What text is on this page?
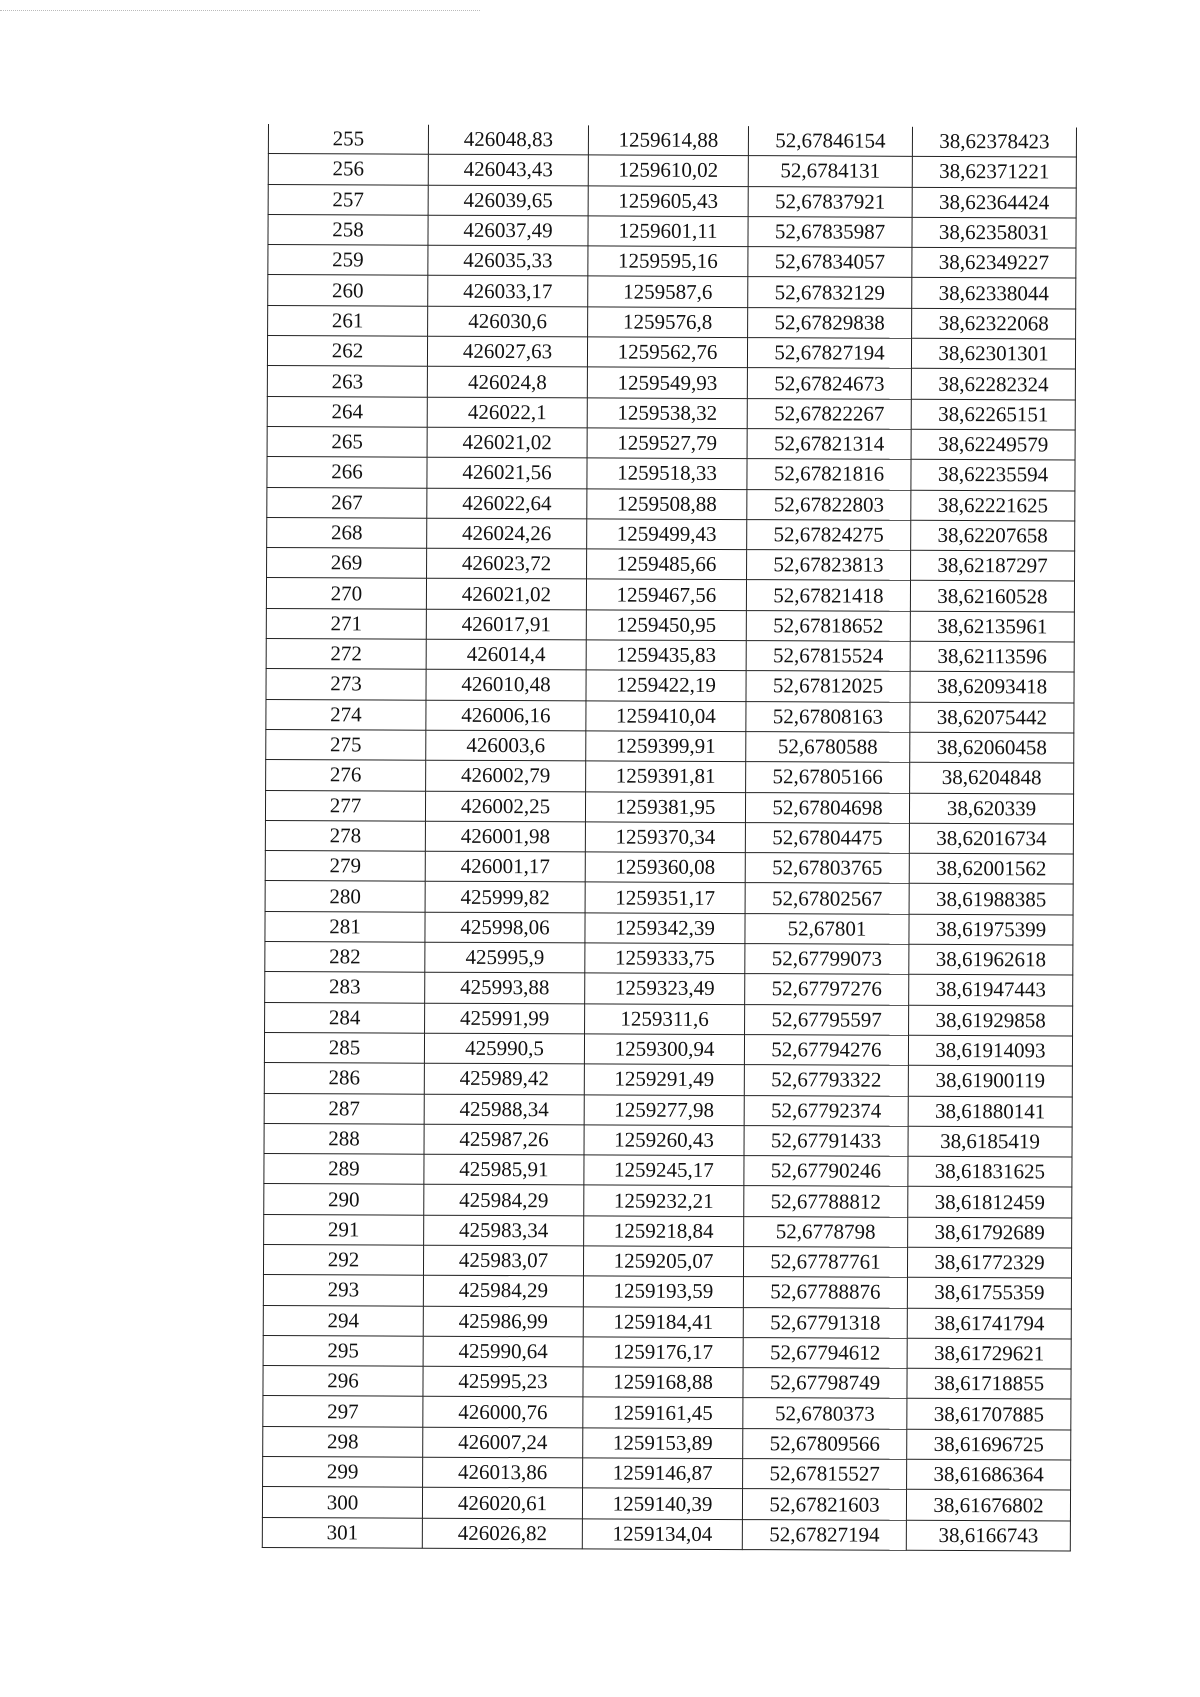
255	426048,83	1259614,88	52,67846154	38,62378423
256	426043,43	1259610,02	52,6784131	38,62371221
257	426039,65	1259605,43	52,67837921	38,62364424
258	426037,49	1259601,11	52,67835987	38,62358031
259	426035,33	1259595,16	52,67834057	38,62349227
260	426033,17	1259587,6	52,67832129	38,62338044
261	426030,6	1259576,8	52,67829838	38,62322068
262	426027,63	1259562,76	52,67827194	38,62301301
263	426024,8	1259549,93	52,67824673	38,62282324
264	426022,1	1259538,32	52,67822267	38,62265151
265	426021,02	1259527,79	52,67821314	38,62249579
266	426021,56	1259518,33	52,67821816	38,62235594
267	426022,64	1259508,88	52,67822803	38,62221625
268	426024,26	1259499,43	52,67824275	38,62207658
269	426023,72	1259485,66	52,67823813	38,62187297
270	426021,02	1259467,56	52,67821418	38,62160528
271	426017,91	1259450,95	52,67818652	38,62135961
272	426014,4	1259435,83	52,67815524	38,62113596
273	426010,48	1259422,19	52,67812025	38,62093418
274	426006,16	1259410,04	52,67808163	38,62075442
275	426003,6	1259399,91	52,6780588	38,62060458
276	426002,79	1259391,81	52,67805166	38,6204848
277	426002,25	1259381,95	52,67804698	38,620339
278	426001,98	1259370,34	52,67804475	38,62016734
279	426001,17	1259360,08	52,67803765	38,62001562
280	425999,82	1259351,17	52,67802567	38,61988385
281	425998,06	1259342,39	52,67801	38,61975399
282	425995,9	1259333,75	52,67799073	38,61962618
283	425993,88	1259323,49	52,67797276	38,61947443
284	425991,99	1259311,6	52,67795597	38,61929858
285	425990,5	1259300,94	52,67794276	38,61914093
286	425989,42	1259291,49	52,67793322	38,61900119
287	425988,34	1259277,98	52,67792374	38,61880141
288	425987,26	1259260,43	52,67791433	38,6185419
289	425985,91	1259245,17	52,67790246	38,61831625
290	425984,29	1259232,21	52,67788812	38,61812459
291	425983,34	1259218,84	52,6778798	38,61792689
292	425983,07	1259205,07	52,67787761	38,61772329
293	425984,29	1259193,59	52,67788876	38,61755359
294	425986,99	1259184,41	52,67791318	38,61741794
295	425990,64	1259176,17	52,67794612	38,61729621
296	425995,23	1259168,88	52,67798749	38,61718855
297	426000,76	1259161,45	52,6780373	38,61707885
298	426007,24	1259153,89	52,67809566	38,61696725
299	426013,86	1259146,87	52,67815527	38,61686364
300	426020,61	1259140,39	52,67821603	38,61676802
301	426026,82	1259134,04	52,67827194	38,6166743
